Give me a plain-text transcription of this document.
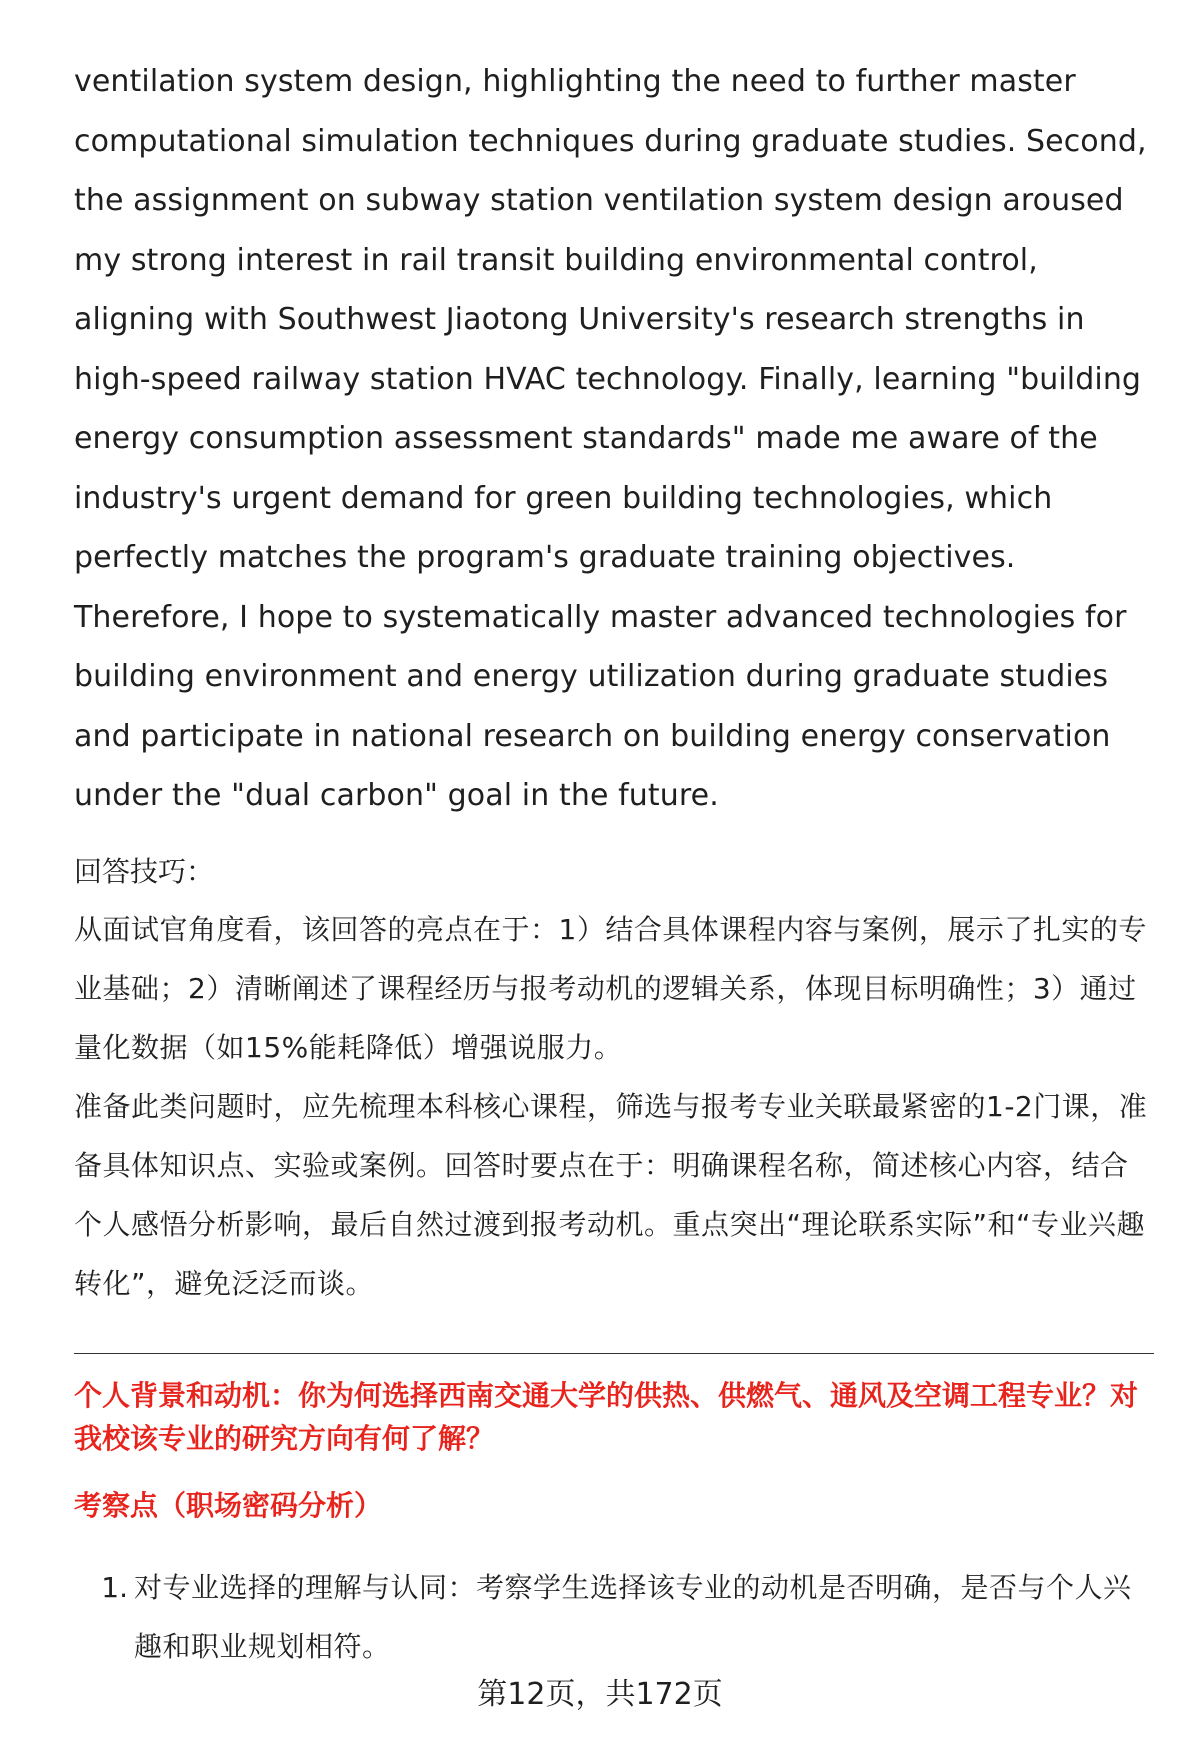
ventilation system design, highlighting the need to further master computational simulation techniques during graduate studies. Second, the assignment on subway station ventilation system design aroused my strong interest in rail transit building environmental control, aligning with Southwest Jiaotong University's research strengths in high-speed railway station HVAC technology. Finally, learning "building energy consumption assessment standards" made me aware of the industry's urgent demand for green building technologies, which perfectly matches the program's graduate training objectives. Therefore, I hope to systematically master advanced technologies for building environment and energy utilization during graduate studies and participate in national research on building energy conservation under the "dual carbon" goal in the future.

回答技巧：

从面试官角度看，该回答的亮点在于：1）结合具体课程内容与案例，展示了扎实的专业基础；2）清晰阐述了课程经历与报考动机的逻辑关系，体现目标明确性；3）通过量化数据（如15%能耗降低）增强说服力。

准备此类问题时，应先梳理本科核心课程，筛选与报考专业关联最紧密的1-2门课，准备具体知识点、实验或案例。回答时要点在于：明确课程名称，简述核心内容，结合个人感悟分析影响，最后自然过渡到报考动机。重点突出“理论联系实际”和“专业兴趣转化”，避免泛泛而谈。

个人背景和动机：你为何选择西南交通大学的供热、供燃气、通风及空调工程专业？对我校该专业的研究方向有何了解？

考察点（职场密码分析）

1. 对专业选择的理解与认同：考察学生选择该专业的动机是否明确，是否与个人兴趣和职业规划相符。
第12页，共172页
